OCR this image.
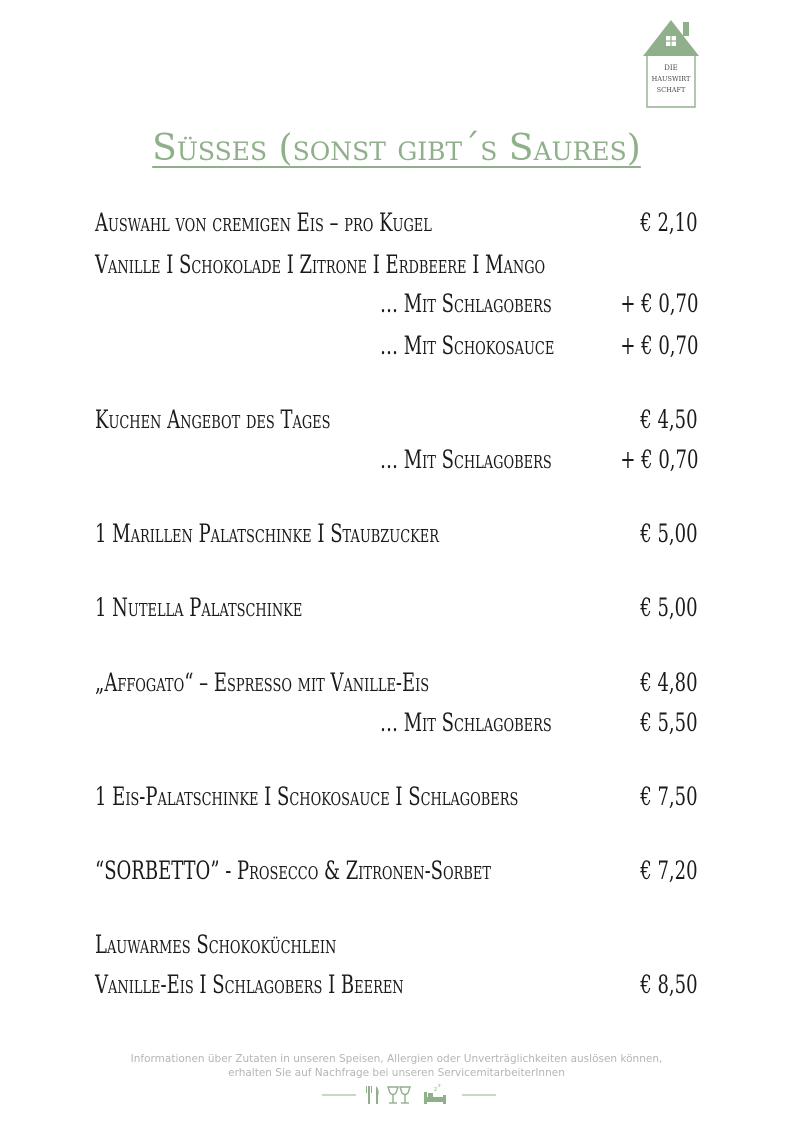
DIE
HAUSWIRT
SCHAFT
Süßes (sonst gibt´s Saures)
Auswahl von cremigen Eis – pro Kugel	€ 2,10
Vanille I Schokolade I Zitrone I Erdbeere I Mango
… Mit Schlagobers	+ € 0,70
… Mit Schokosauce	+ € 0,70
Kuchen Angebot des Tages	€ 4,50
… Mit Schlagobers	+ € 0,70
1 Marillen Palatschinke I Staubzucker	€ 5,00
1 Nutella Palatschinke	€ 5,00
„Affogato“ – Espresso mit Vanille-Eis	€ 4,80
… Mit Schlagobers	€ 5,50
1 Eis-Palatschinke I Schokosauce I Schlagobers	€ 7,50
“SORBETTO” - Prosecco & Zitronen-Sorbet	€ 7,20
Lauwarmes Schokoküchlein
Vanille-Eis I Schlagobers I Beeren	€ 8,50
Informationen über Zutaten in unseren Speisen, Allergien oder Unverträglichkeiten auslösen können,
erhalten Sie auf Nachfrage bei unseren ServicemitarbeiterInnen
z z
